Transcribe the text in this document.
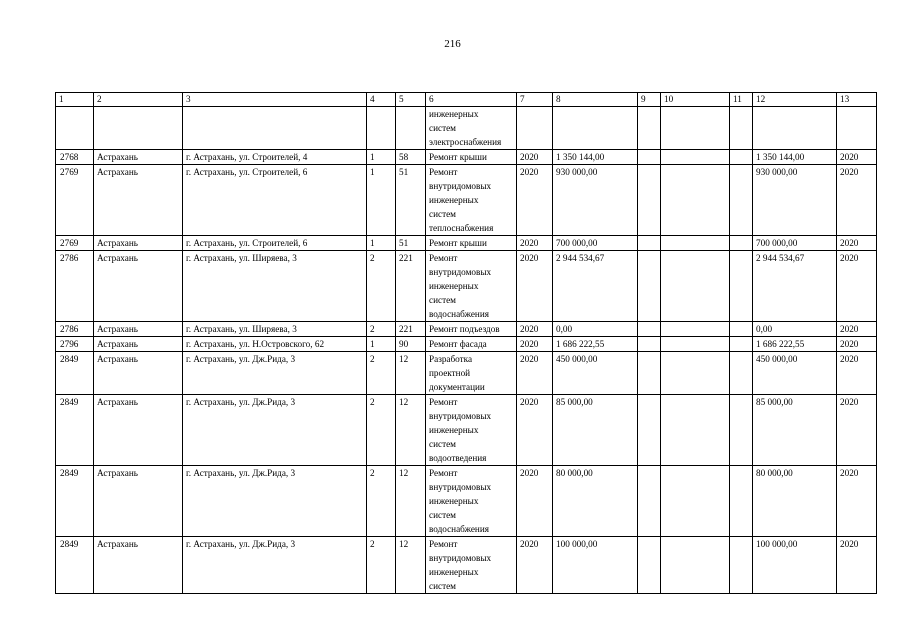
216
1	2	3	4	5	6	7	8	9	10	11	12	13

					инженерных
систем
электроснабжения							

2768	Астрахань	г. Астрахань, ул. Строителей, 4	1	58	Ремонт крыши	2020	1 350 144,00				1 350 144,00	2020
2769	Астрахань	г. Астрахань, ул. Строителей, 6	1	51	Ремонт
внутридомовых
инженерных
систем
теплоснабжения	2020	930 000,00				930 000,00	2020
2769	Астрахань	г. Астрахань, ул. Строителей, 6	1	51	Ремонт крыши	2020	700 000,00				700 000,00	2020
2786	Астрахань	г. Астрахань, ул. Ширяева, 3	2	221	Ремонт
внутридомовых
инженерных
систем
водоснабжения	2020	2 944 534,67				2 944 534,67	2020
2786	Астрахань	г. Астрахань, ул. Ширяева, 3	2	221	Ремонт подъездов	2020	0,00				0,00	2020
2796	Астрахань	г. Астрахань, ул. Н.Островского, 62	1	90	Ремонт фасада	2020	1 686 222,55				1 686 222,55	2020
2849	Астрахань	г. Астрахань, ул. Дж.Рида, 3	2	12	Разработка
проектной
документации	2020	450 000,00				450 000,00	2020
2849	Астрахань	г. Астрахань, ул. Дж.Рида, 3	2	12	Ремонт
внутридомовых
инженерных
систем
водоотведения	2020	85 000,00				85 000,00	2020
2849	Астрахань	г. Астрахань, ул. Дж.Рида, 3	2	12	Ремонт
внутридомовых
инженерных
систем
водоснабжения	2020	80 000,00				80 000,00	2020
2849	Астрахань	г. Астрахань, ул. Дж.Рида, 3	2	12	Ремонт
внутридомовых
инженерных
систем	2020	100 000,00				100 000,00	2020
